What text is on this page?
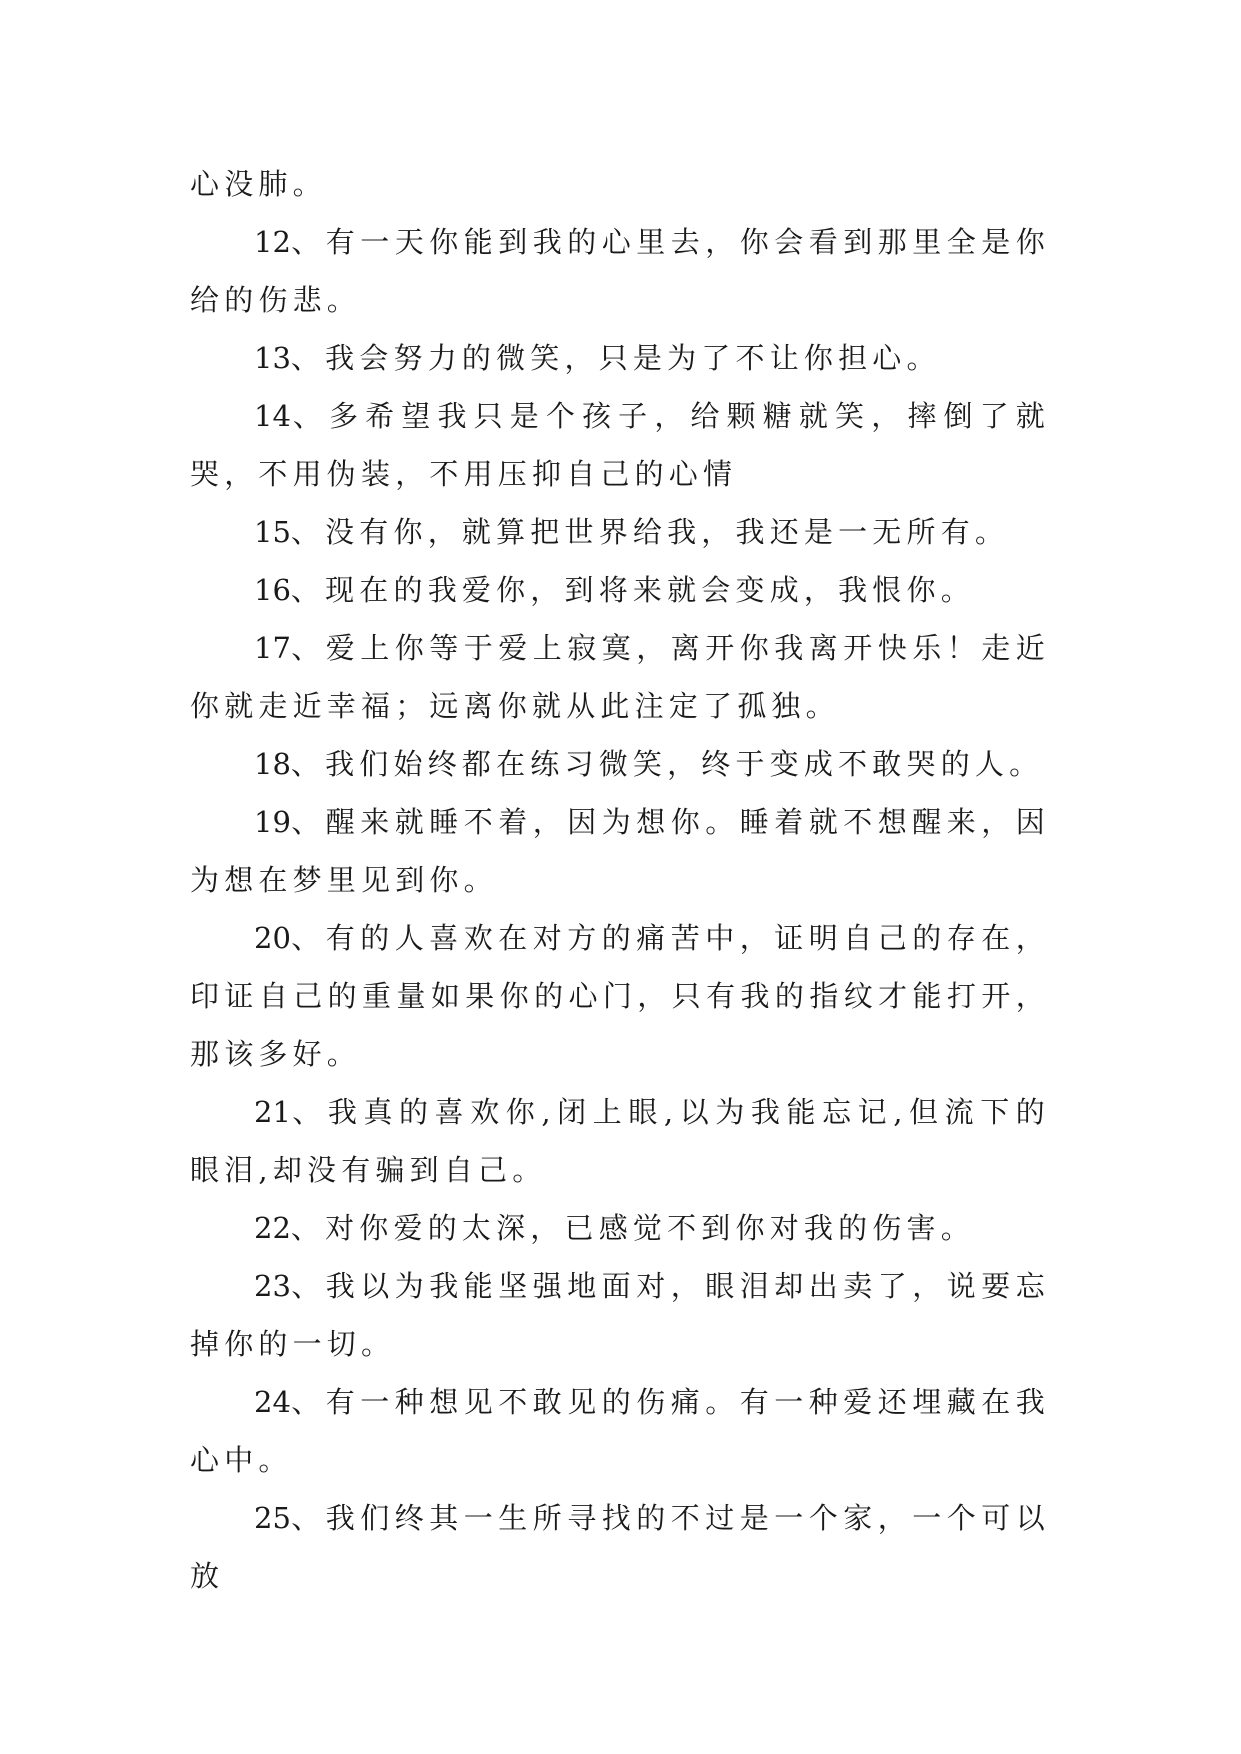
心没肺。

12、有一天你能到我的心里去，你会看到那里全是你给的伤悲。

13、我会努力的微笑，只是为了不让你担心。

14、多希望我只是个孩子，给颗糖就笑，摔倒了就哭，不用伪装，不用压抑自己的心情

15、没有你，就算把世界给我，我还是一无所有。

16、现在的我爱你，到将来就会变成，我恨你。

17、爱上你等于爱上寂寞，离开你我离开快乐！走近你就走近幸福；远离你就从此注定了孤独。

18、我们始终都在练习微笑，终于变成不敢哭的人。

19、醒来就睡不着，因为想你。睡着就不想醒来，因为想在梦里见到你。

20、有的人喜欢在对方的痛苦中，证明自己的存在，印证自己的重量如果你的心门，只有我的指纹才能打开，那该多好。

21、我真的喜欢你,闭上眼,以为我能忘记,但流下的眼泪,却没有骗到自己。

22、对你爱的太深，已感觉不到你对我的伤害。

23、我以为我能坚强地面对，眼泪却出卖了，说要忘掉你的一切。

24、有一种想见不敢见的伤痛。有一种爱还埋藏在我心中。

25、我们终其一生所寻找的不过是一个家，一个可以放
